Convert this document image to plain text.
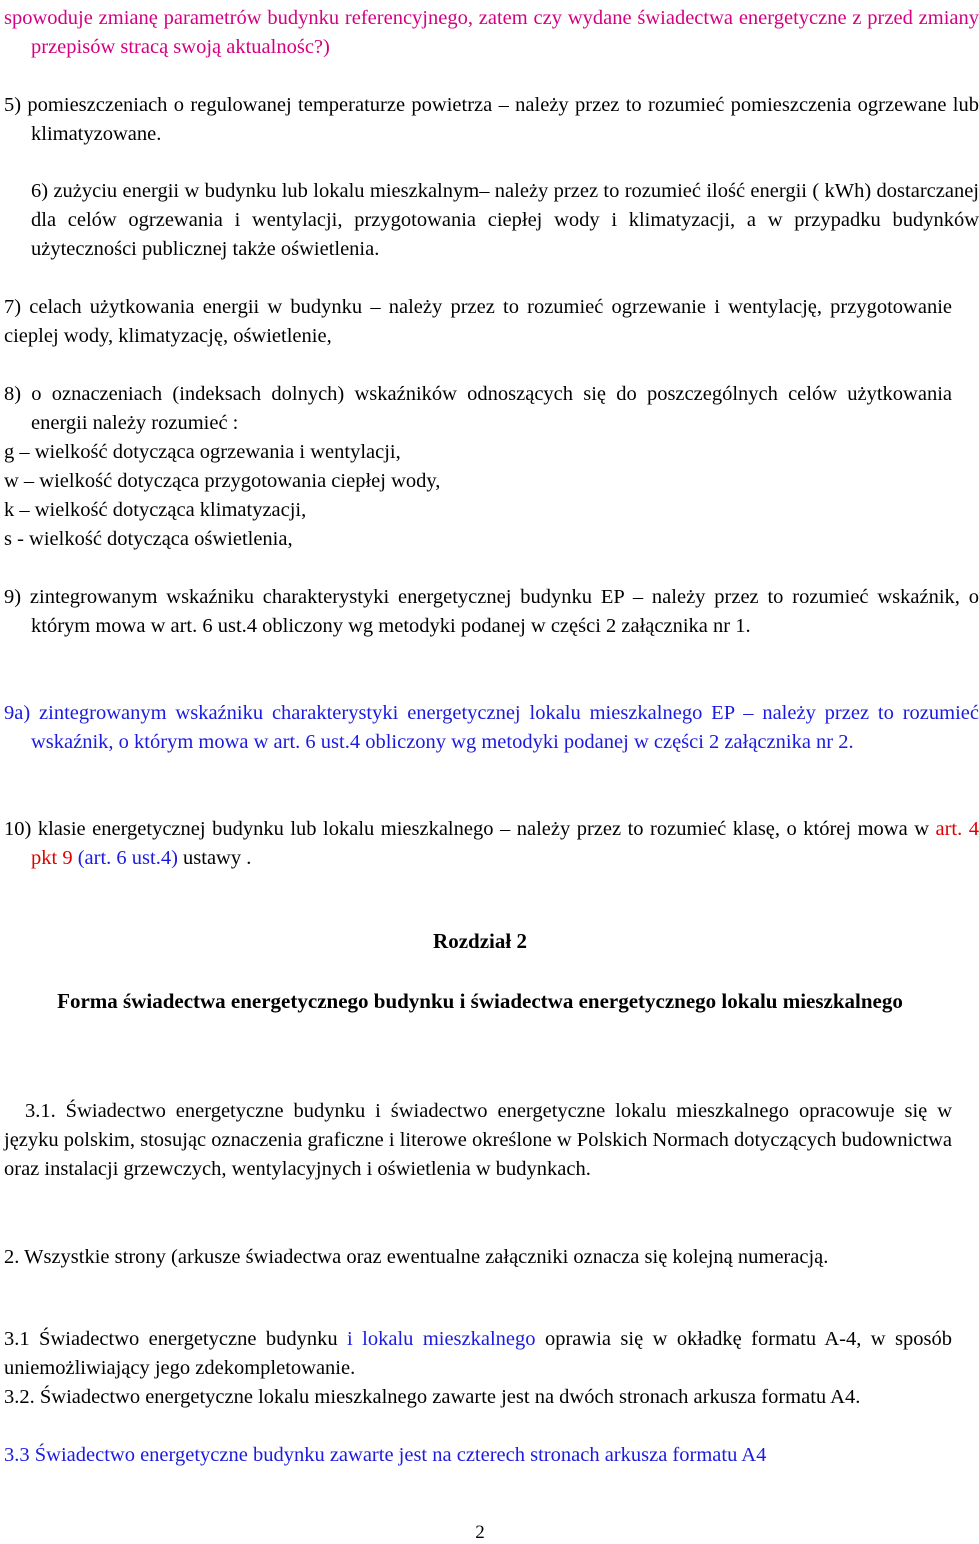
spowoduje zmianę parametrów budynku referencyjnego, zatem czy wydane świadectwa energetyczne z przed zmiany przepisów stracą swoją aktualnośc?)

5) pomieszczeniach o regulowanej temperaturze powietrza – należy przez to rozumieć pomieszczenia ogrzewane lub klimatyzowane.

6) zużyciu energii w budynku lub lokalu mieszkalnym– należy przez to rozumieć ilość energii ( kWh) dostarczanej dla celów ogrzewania i wentylacji, przygotowania ciepłej wody i klimatyzacji, a w przypadku budynków użyteczności publicznej także oświetlenia.

7) celach użytkowania energii w budynku – należy przez to rozumieć ogrzewanie i wentylację, przygotowanie cieplej wody, klimatyzację, oświetlenie,

8) o oznaczeniach (indeksach dolnych) wskaźników odnoszących się do poszczególnych celów użytkowania energii należy rozumieć :

g – wielkość dotycząca ogrzewania i wentylacji,
w – wielkość dotycząca przygotowania ciepłej wody,
k – wielkość dotycząca klimatyzacji,
s - wielkość dotycząca oświetlenia,

9) zintegrowanym wskaźniku charakterystyki energetycznej budynku EP – należy przez to rozumieć wskaźnik, o którym mowa w art. 6 ust.4 obliczony wg metodyki podanej w części 2 załącznika nr 1.

9a) zintegrowanym wskaźniku charakterystyki energetycznej lokalu mieszkalnego EP – należy przez to rozumieć wskaźnik, o którym mowa w art. 6 ust.4 obliczony wg metodyki podanej w części 2 załącznika nr 2.

10) klasie energetycznej budynku lub lokalu mieszkalnego – należy przez to rozumieć klasę, o której mowa w art. 4 pkt 9 (art. 6 ust.4) ustawy .

Rozdział 2
Forma świadectwa energetycznego budynku i świadectwa energetycznego lokalu mieszkalnego

3.1. Świadectwo energetyczne budynku i świadectwo energetyczne lokalu mieszkalnego opracowuje się w języku polskim, stosując oznaczenia graficzne i literowe określone w Polskich Normach dotyczących budownictwa oraz instalacji grzewczych, wentylacyjnych i oświetlenia w budynkach.

2. Wszystkie strony (arkusze świadectwa oraz ewentualne załączniki oznacza się kolejną numeracją.

3.1 Świadectwo energetyczne budynku i lokalu mieszkalnego oprawia się w okładkę formatu A-4, w sposób uniemożliwiający jego zdekompletowanie.

3.2. Świadectwo energetyczne lokalu mieszkalnego zawarte jest na dwóch stronach arkusza formatu A4.

3.3 Świadectwo energetyczne budynku zawarte jest na czterech stronach arkusza formatu A4

2
